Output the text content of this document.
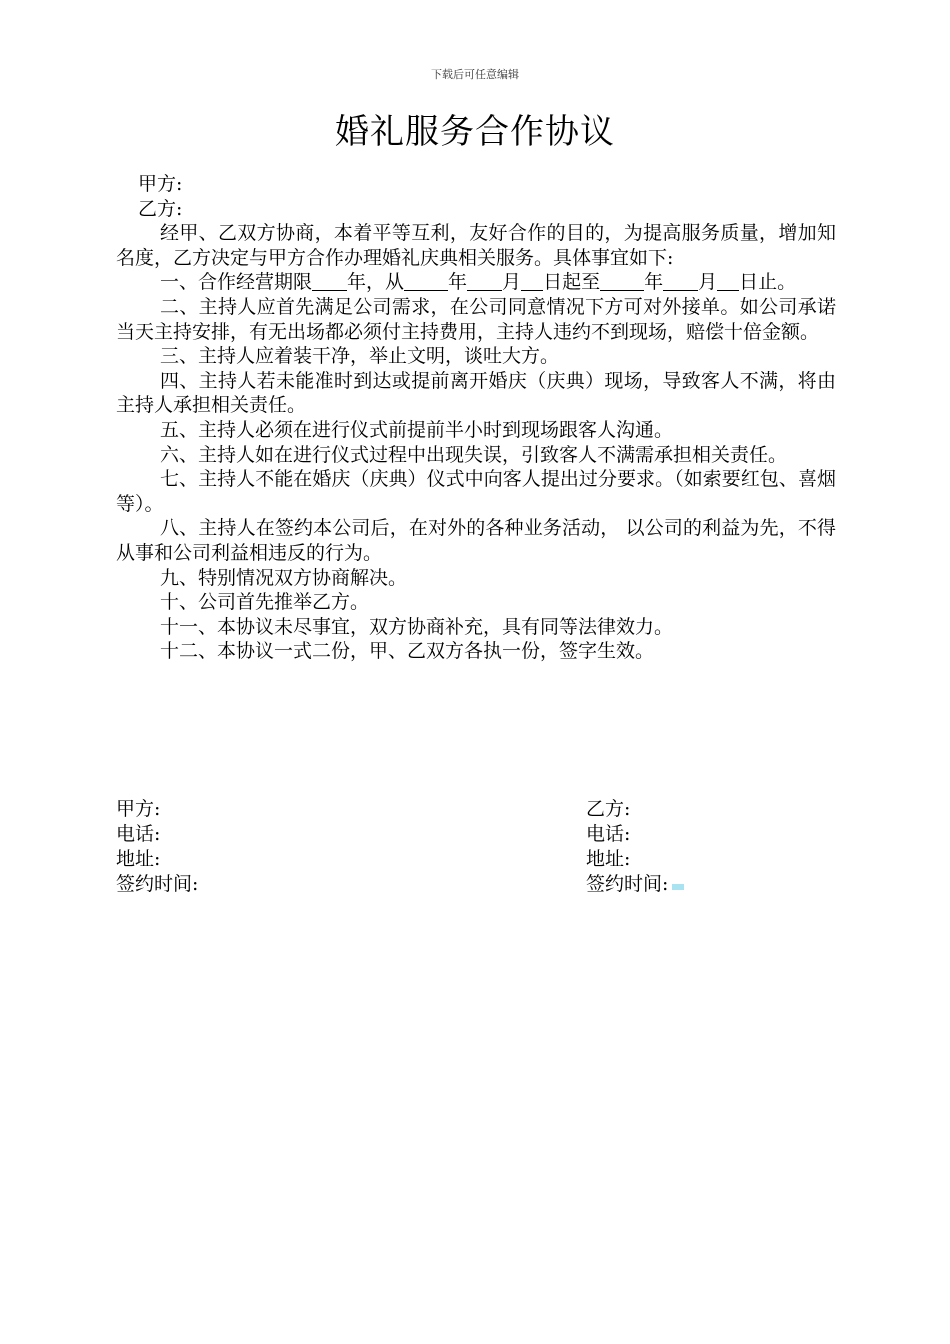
下载后可任意编辑
婚礼服务合作协议

甲方:

乙方:

经甲、乙双方协商，本着平等互利，友好合作的目的，为提高服务质量，增加知名度，乙方决定与甲方合作办理婚礼庆典相关服务。具体事宜如下:

一、合作经营期限 年，从 年 月 日起至 年 月 日止。

二、主持人应首先满足公司需求，在公司同意情况下方可对外接单。如公司承诺当天主持安排，有无出场都必须付主持费用，主持人违约不到现场，赔偿十倍金额。

三、主持人应着装干净，举止文明，谈吐大方。

四、主持人若未能准时到达或提前离开婚庆（庆典）现场，导致客人不满，将由主持人承担相关责任。

五、主持人必须在进行仪式前提前半小时到现场跟客人沟通。

六、主持人如在进行仪式过程中出现失误，引致客人不满需承担相关责任。

七、主持人不能在婚庆（庆典）仪式中向客人提出过分要求。（如索要红包、喜烟等）。

八、主持人在签约本公司后，在对外的各种业务活动， 以公司的利益为先，不得从事和公司利益相违反的行为。

九、特别情况双方协商解决。

十、公司首先推举乙方。

十一、本协议未尽事宜，双方协商补充，具有同等法律效力。

十二、本协议一式二份，甲、乙双方各执一份，签字生效。

甲方:
电话:
地址:
签约时间:
乙方:
电话:
地址:
签约时间:
